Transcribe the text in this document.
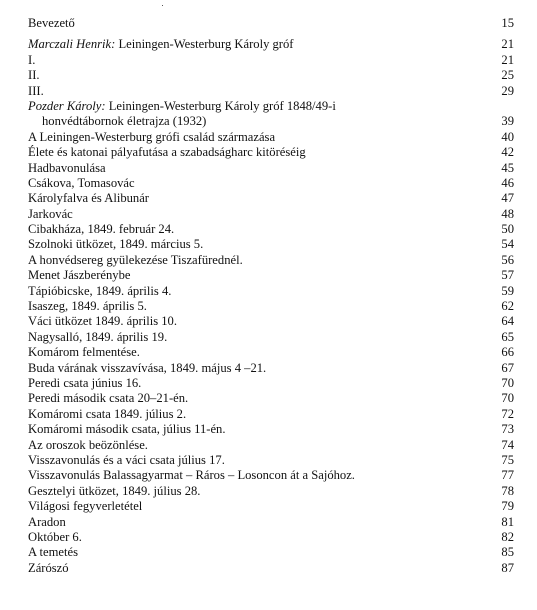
Bevezető	15
Marczali Henrik: Leiningen-Westerburg Károly gróf	21
I.	21
II.	25
III.	29
Pozder Károly: Leiningen-Westerburg Károly gróf 1848/49-i
honvédtábornok életrajza (1932)	39
A Leiningen-Westerburg grófi család származása	40
Élete és katonai pályafutása a szabadságharc kitöréséig	42
Hadbavonulása	45
Csákova, Tomasovác	46
Károlyfalva és Alibunár	47
Jarkovác	48
Cibakháza, 1849. február 24.	50
Szolnoki ütközet, 1849. március 5.	54
A honvédsereg gyülekezése Tiszafürednél.	56
Menet Jászberénybe	57
Tápióbicske, 1849. április 4.	59
Isaszeg, 1849. április 5.	62
Váci ütközet 1849. április 10.	64
Nagysalló, 1849. április 19.	65
Komárom felmentése.	66
Buda várának visszavívása, 1849. május 4 –21.	67
Peredi csata június 16.	70
Peredi második csata 20–21-én.	70
Komáromi csata 1849. július 2.	72
Komáromi második csata, július 11-én.	73
Az oroszok beözönlése.	74
Visszavonulás és a váci csata július 17.	75
Visszavonulás Balassagyarmat – Ráros – Losoncon át a Sajóhoz.	77
Gesztelyi ütközet, 1849. július 28.	78
Világosi fegyverletétel	79
Aradon	81
Október 6.	82
A temetés	85
Zárószó	87
